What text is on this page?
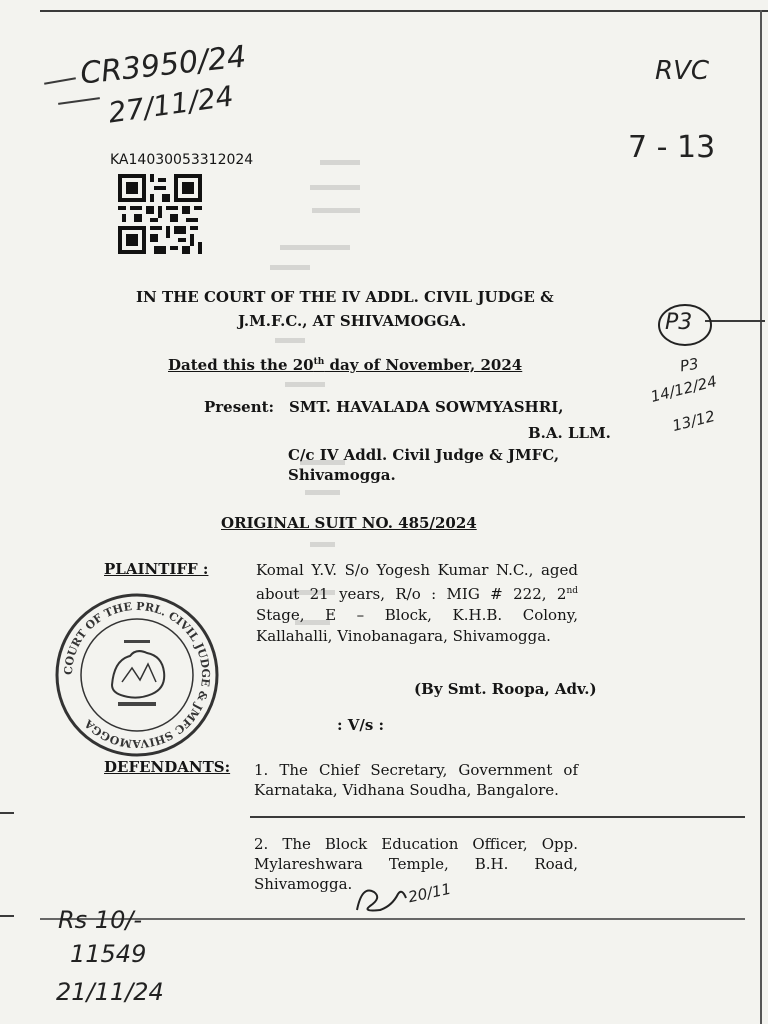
CR3950/24
27/11/24
RVC
7 - 13
P3
P3
14/12/24
13/12
KA14030053312024
IN THE COURT OF THE IV ADDL. CIVIL JUDGE &
J.M.F.C., AT SHIVAMOGGA.
Dated this the 20th day of November, 2024
Present: SMT. HAVALADA SOWMYASHRI,
B.A. LLM.
C/c IV Addl. Civil Judge & JMFC,
Shivamogga.
ORIGINAL SUIT NO. 485/2024
PLAINTIFF :	Komal Y.V. S/o Yogesh Kumar N.C., aged about 21 years, R/o : MIG # 222, 2nd Stage, E – Block, K.H.B. Colony, Kallahalli, Vinobanagara, Shivamogga.
(By Smt. Roopa, Adv.)
: V/s :
DEFENDANTS: 1. The Chief Secretary, Government of Karnataka, Vidhana Soudha, Bangalore.
2. The Block Education Officer, Opp. Mylareshwara Temple, B.H. Road, Shivamogga.
COURT OF THE PRL. CIVIL JUDGE & JMFC SHIVAMOGGA
20/11
Rs 10/-
11549
21/11/24
